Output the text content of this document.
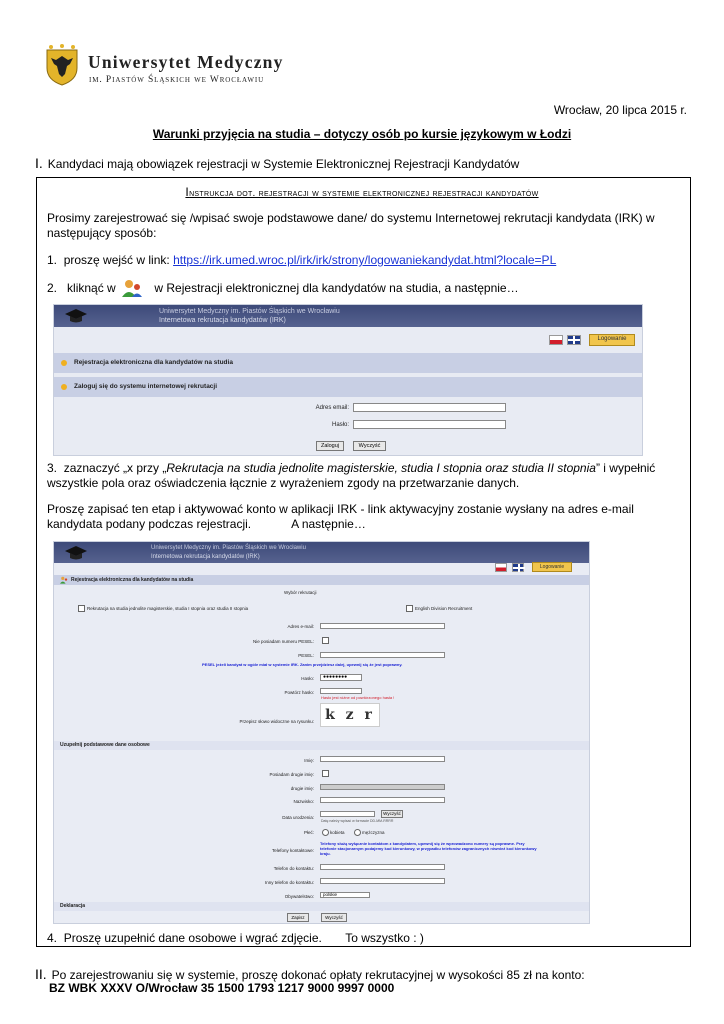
Uniwersytet Medyczny
im. Piastów Śląskich we Wrocławiu
Wrocław, 20 lipca 2015 r.
Warunki przyjęcia na studia – dotyczy osób po kursie językowym w Łodzi
I. Kandydaci mają obowiązek rejestracji w Systemie Elektronicznej Rejestracji Kandydatów
Instrukcja dot. rejestracji w systemie elektronicznej rejestracji kandydatów
Prosimy zarejestrować się /wpisać swoje podstawowe dane/ do systemu Internetowej rekrutacji kandydata (IRK) w następujący sposób:
1. proszę wejść w link: https://irk.umed.wroc.pl/irk/irk/strony/logowaniekandydat.html?locale=PL
2. kliknąć w	w Rejestracji elektronicznej dla kandydatów na studia, a następnie…
Uniwersytet Medyczny im. Piastów Śląskich we Wrocławiu
Internetowa rekrutacja kandydatów (IRK)
Logowanie
Rejestracja elektroniczna dla kandydatów na studia
Zaloguj się do systemu internetowej rekrutacji
Adres email:
Hasło:
Zaloguj	Wyczyść
3. zaznaczyć „x przy „Rekrutacja na studia jednolite magisterskie, studia I stopnia oraz studia II stopnia” i wypełnić wszystkie pola oraz oświadczenia łącznie z wyrażeniem zgody na przetwarzanie danych.
Proszę zapisać ten etap i aktywować konto w aplikacji IRK - link aktywacyjny zostanie wysłany na adres e-mail kandydata podany podczas rejestracji.	A następnie…
Uniwersytet Medyczny im. Piastów Śląskich we Wrocławiu
Internetowa rekrutacja kandydatów (IRK)
Logowanie
Rejestracja elektroniczna dla kandydatów na studia
Wybór rekrutacji
Rekrutacja na studia jednolite magisterskie, studia I stopnia oraz studia II stopnia	English Division Recruitment
Adres e-mail:
Nie posiadam numeru PESEL:
PESEL:
PESEL jeżeli kandyat w ogóle miał w systemie IRK. Zanim przejdziesz dalej, upewnij się że jest poprawny.
Hasło:	●●●●●●●●
Powtórz hasło:
Hasło jest różne od powtórzonego hasła !
Przepisz słowo widoczne na rysunku: k z r
Uzupełnij podstawowe dane osobowe
Imię:
Posiadam drugie imię:
drugie imię:
Nazwisko:
Data urodzenia:
Wyczyść
Datę należy wpisać w formacie DD-MM-RRRR
Płeć:	kobieta	mężczyzna
Telefony kontaktowe:
Telefony służą wyłącznie kontaktom z kandydatem, upewnij się że wprowadzono numery są poprawne. Przy telefonie stacjonarnym podajemy kod kierunkowy, w przypadku telefonów zagranicznych również kod kierunkowy kraju.
Telefon do kontaktu:
Inny telefon do kontaktu:
Obywatelstwo:	polskie
Deklaracja
Zapisz	Wyczyść
4. Proszę uzupełnić dane osobowe i wgrać zdjęcie. To wszystko : )
II. Po zarejestrowaniu się w systemie, proszę dokonać opłaty rekrutacyjnej w wysokości 85 zł na konto:
BZ WBK XXXV O/Wrocław 35 1500 1793 1217 9000 9997 0000
